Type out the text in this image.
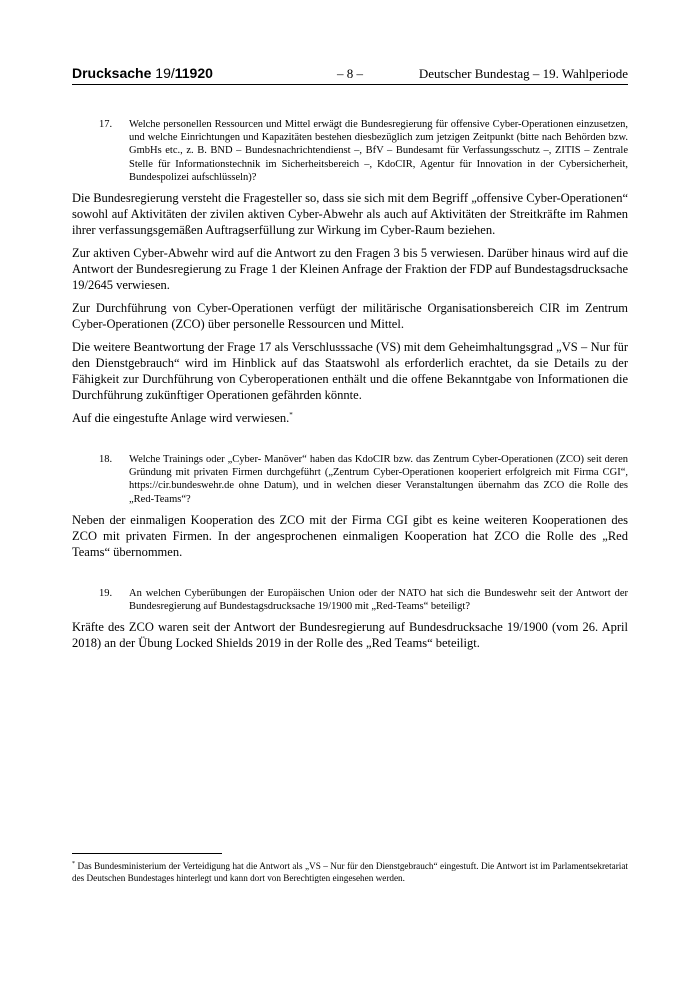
Drucksache 19/11920	– 8 –	Deutscher Bundestag – 19. Wahlperiode
17. Welche personellen Ressourcen und Mittel erwägt die Bundesregierung für offensive Cyber-Operationen einzusetzen, und welche Einrichtungen und Kapazitäten bestehen diesbezüglich zum jetzigen Zeitpunkt (bitte nach Behörden bzw. GmbHs etc., z. B. BND – Bundesnachrichtendienst –, BfV – Bundesamt für Verfassungsschutz –, ZITIS – Zentrale Stelle für Informationstechnik im Sicherheitsbereich –, KdoCIR, Agentur für Innovation in der Cybersicherheit, Bundespolizei aufschlüsseln)?

Die Bundesregierung versteht die Fragesteller so, dass sie sich mit dem Begriff „offensive Cyber-Operationen“ sowohl auf Aktivitäten der zivilen aktiven Cyber-Abwehr als auch auf Aktivitäten der Streitkräfte im Rahmen ihrer verfassungsgemäßen Auftragserfüllung zur Wirkung im Cyber-Raum beziehen.

Zur aktiven Cyber-Abwehr wird auf die Antwort zu den Fragen 3 bis 5 verwiesen. Darüber hinaus wird auf die Antwort der Bundesregierung zu Frage 1 der Kleinen Anfrage der Fraktion der FDP auf Bundestagsdrucksache 19/2645 verwiesen.

Zur Durchführung von Cyber-Operationen verfügt der militärische Organisationsbereich CIR im Zentrum Cyber-Operationen (ZCO) über personelle Ressourcen und Mittel.

Die weitere Beantwortung der Frage 17 als Verschlusssache (VS) mit dem Geheimhaltungsgrad „VS – Nur für den Dienstgebrauch“ wird im Hinblick auf das Staatswohl als erforderlich erachtet, da sie Details zu der Fähigkeit zur Durchführung von Cyberoperationen enthält und die offene Bekanntgabe von Informationen die Durchführung zukünftiger Operationen gefährden könnte.

Auf die eingestufte Anlage wird verwiesen.*

18. Welche Trainings oder „Cyber- Manöver“ haben das KdoCIR bzw. das Zentrum Cyber-Operationen (ZCO) seit deren Gründung mit privaten Firmen durchgeführt („Zentrum Cyber-Operationen kooperiert erfolgreich mit Firma CGI“, https://cir.bundeswehr.de ohne Datum), und in welchen dieser Veranstaltungen übernahm das ZCO die Rolle des „Red-Teams“?

Neben der einmaligen Kooperation des ZCO mit der Firma CGI gibt es keine weiteren Kooperationen des ZCO mit privaten Firmen. In der angesprochenen einmaligen Kooperation hat ZCO die Rolle des „Red Teams“ übernommen.

19. An welchen Cyberübungen der Europäischen Union oder der NATO hat sich die Bundeswehr seit der Antwort der Bundesregierung auf Bundestagsdrucksache 19/1900 mit „Red-Teams“ beteiligt?

Kräfte des ZCO waren seit der Antwort der Bundesregierung auf Bundesdrucksache 19/1900 (vom 26. April 2018) an der Übung Locked Shields 2019 in der Rolle des „Red Teams“ beteiligt.

* Das Bundesministerium der Verteidigung hat die Antwort als „VS – Nur für den Dienstgebrauch“ eingestuft. Die Antwort ist im Parlamentsekretariat des Deutschen Bundestages hinterlegt und kann dort von Berechtigten eingesehen werden.
